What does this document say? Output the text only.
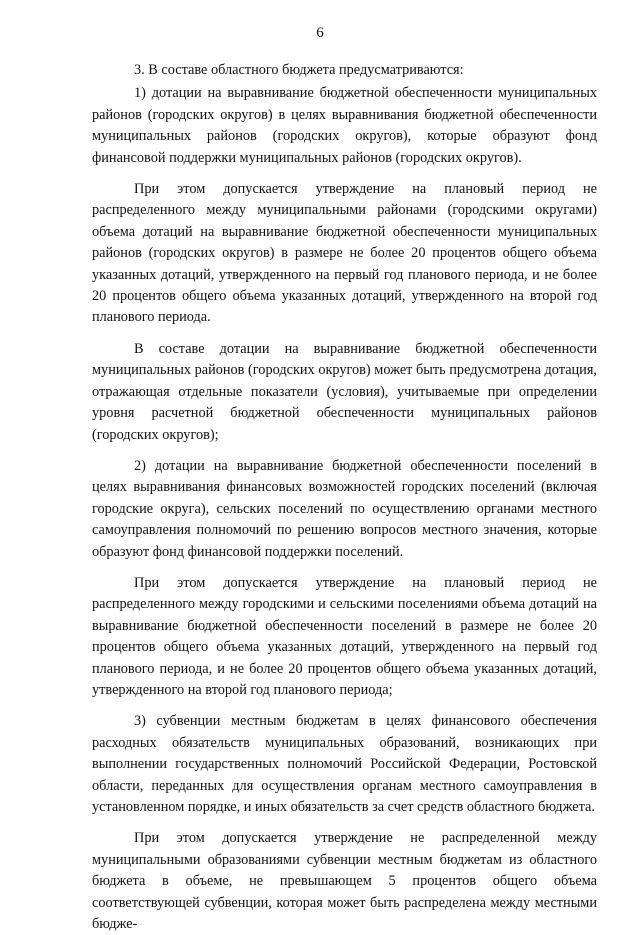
6

3. В составе областного бюджета предусматриваются:

1) дотации на выравнивание бюджетной обеспеченности муниципальных районов (городских округов) в целях выравнивания бюджетной обеспеченности муниципальных районов (городских округов), которые образуют фонд финансовой поддержки муниципальных районов (городских округов).

При этом допускается утверждение на плановый период не распределенного между муниципальными районами (городскими округами) объема дотаций на выравнивание бюджетной обеспеченности муниципальных районов (городских округов) в размере не более 20 процентов общего объема указанных дотаций, утвержденного на первый год планового периода, и не более 20 процентов общего объема указанных дотаций, утвержденного на второй год планового периода.

В составе дотации на выравнивание бюджетной обеспеченности муниципальных районов (городских округов) может быть предусмотрена дотация, отражающая отдельные показатели (условия), учитываемые при определении уровня расчетной бюджетной обеспеченности муниципальных районов (городских округов);

2) дотации на выравнивание бюджетной обеспеченности поселений в целях выравнивания финансовых возможностей городских поселений (включая городские округа), сельских поселений по осуществлению органами местного самоуправления полномочий по решению вопросов местного значения, которые образуют фонд финансовой поддержки поселений.

При этом допускается утверждение на плановый период не распределенного между городскими и сельскими поселениями объема дотаций на выравнивание бюджетной обеспеченности поселений в размере не более 20 процентов общего объема указанных дотаций, утвержденного на первый год планового периода, и не более 20 процентов общего объема указанных дотаций, утвержденного на второй год планового периода;

3) субвенции местным бюджетам в целях финансового обеспечения расходных обязательств муниципальных образований, возникающих при выполнении государственных полномочий Российской Федерации, Ростовской области, переданных для осуществления органам местного самоуправления в установленном порядке, и иных обязательств за счет средств областного бюджета.

При этом допускается утверждение не распределенной между муниципальными образованиями субвенции местным бюджетам из областного бюджета в объеме, не превышающем 5 процентов общего объема соответствующей субвенции, которая может быть распределена между местными бюдже-
